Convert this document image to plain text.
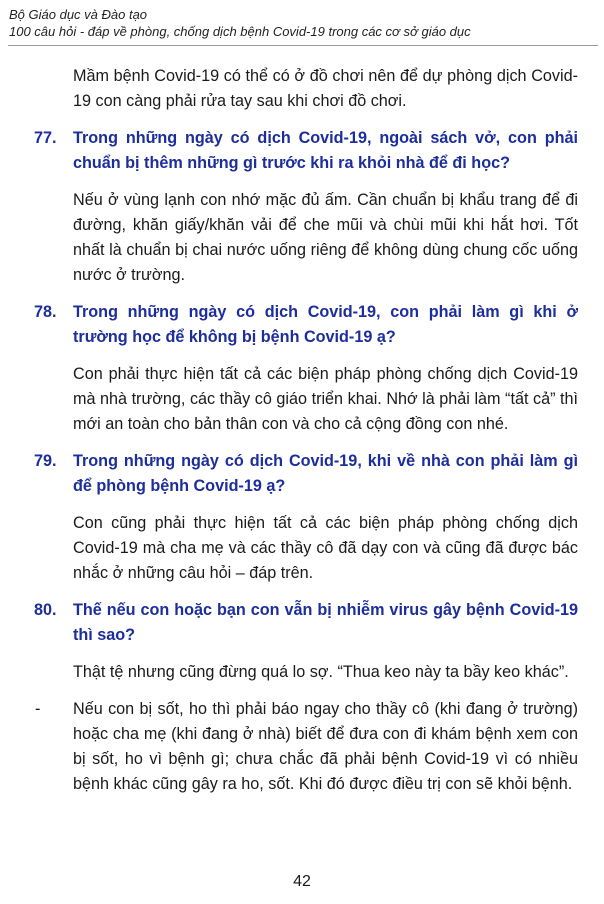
Bộ Giáo dục và Đào tạo
100 câu hỏi - đáp về phòng, chống dịch bệnh Covid-19 trong các cơ sở giáo dục
Mầm bệnh Covid-19 có thể có ở đồ chơi nên để dự phòng dịch Covid-19 con càng phải rửa tay sau khi chơi đồ chơi.
77. Trong những ngày có dịch Covid-19, ngoài sách vở, con phải chuẩn bị thêm những gì trước khi ra khỏi nhà để đi học?
Nếu ở vùng lạnh con nhớ mặc đủ ấm. Cần chuẩn bị khẩu trang để đi đường, khăn giấy/khăn vải để che mũi và chùi mũi khi hắt hơi. Tốt nhất là chuẩn bị chai nước uống riêng để không dùng chung cốc uống nước ở trường.
78. Trong những ngày có dịch Covid-19, con phải làm gì khi ở trường học để không bị bệnh Covid-19 ạ?
Con phải thực hiện tất cả các biện pháp phòng chống dịch Covid-19 mà nhà trường, các thầy cô giáo triển khai. Nhớ là phải làm “tất cả” thì mới an toàn cho bản thân con và cho cả cộng đồng con nhé.
79. Trong những ngày có dịch Covid-19, khi về nhà con phải làm gì để phòng bệnh Covid-19 ạ?
Con cũng phải thực hiện tất cả các biện pháp phòng chống dịch Covid-19 mà cha mẹ và các thầy cô đã dạy con và cũng đã được bác nhắc ở những câu hỏi – đáp trên.
80. Thế nếu con hoặc bạn con vẫn bị nhiễm virus gây bệnh Covid-19 thì sao?
Thật tệ nhưng cũng đừng quá lo sợ. “Thua keo này ta bầy keo khác”.
- Nếu con bị sốt, ho thì phải báo ngay cho thầy cô (khi đang ở trường) hoặc cha mẹ (khi đang ở nhà) biết để đưa con đi khám bệnh xem con bị sốt, ho vì bệnh gì; chưa chắc đã phải bệnh Covid-19 vì có nhiều bệnh khác cũng gây ra ho, sốt. Khi đó được điều trị con sẽ khỏi bệnh.
42
